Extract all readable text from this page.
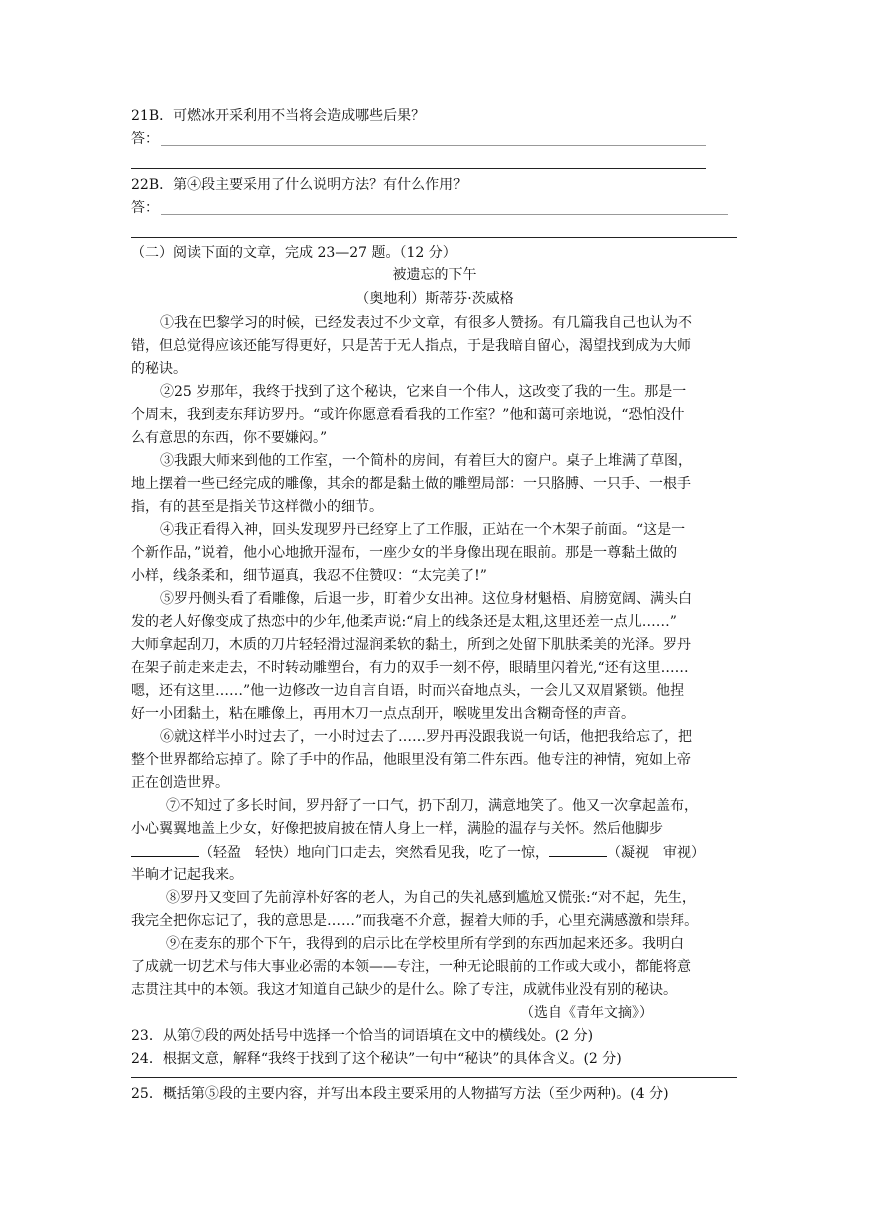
21B．可燃冰开采利用不当将会造成哪些后果？
答：
22B．第④段主要采用了什么说明方法？有什么作用？
答：
（二）阅读下面的文章，完成 23—27 题。（12 分）
被遗忘的下午
（奥地利）斯蒂芬·茨威格
①我在巴黎学习的时候，已经发表过不少文章，有很多人赞扬。有几篇我自己也认为不
错，但总觉得应该还能写得更好，只是苦于无人指点，于是我暗自留心，渴望找到成为大师
的秘诀。
②25 岁那年，我终于找到了这个秘诀，它来自一个伟人，这改变了我的一生。那是一
个周末，我到麦东拜访罗丹。“或许你愿意看看我的工作室？”他和蔼可亲地说，“恐怕没什
么有意思的东西，你不要嫌闷。”
③我跟大师来到他的工作室，一个简朴的房间，有着巨大的窗户。桌子上堆满了草图，
地上摆着一些已经完成的雕像，其余的都是黏土做的雕塑局部：一只胳膊、一只手、一根手
指，有的甚至是指关节这样微小的细节。
④我正看得入神，回头发现罗丹已经穿上了工作服，正站在一个木架子前面。“这是一
个新作品，”说着，他小心地掀开湿布，一座少女的半身像出现在眼前。那是一尊黏土做的
小样，线条柔和，细节逼真，我忍不住赞叹：“太完美了!”
⑤罗丹侧头看了看雕像，后退一步，盯着少女出神。这位身材魁梧、肩膀宽阔、满头白
发的老人好像变成了热恋中的少年,他柔声说:“肩上的线条还是太粗,这里还差一点儿……”
大师拿起刮刀，木质的刀片轻轻滑过湿润柔软的黏土，所到之处留下肌肤柔美的光泽。罗丹
在架子前走来走去，不时转动雕塑台，有力的双手一刻不停，眼睛里闪着光,“还有这里……
嗯，还有这里……”他一边修改一边自言自语，时而兴奋地点头，一会儿又双眉紧锁。他捏
好一小团黏土，粘在雕像上，再用木刀一点点刮开，喉咙里发出含糊奇怪的声音。
⑥就这样半小时过去了，一小时过去了……罗丹再没跟我说一句话，他把我给忘了，把
整个世界都给忘掉了。除了手中的作品，他眼里没有第二件东西。他专注的神情，宛如上帝
正在创造世界。
⑦不知过了多长时间，罗丹舒了一口气，扔下刮刀，满意地笑了。他又一次拿起盖布，
小心翼翼地盖上少女，好像把披肩披在情人身上一样，满脸的温存与关怀。然后他脚步
（轻盈　轻快）地向门口走去，突然看见我，吃了一惊，	（凝视　审视）
半晌才记起我来。
⑧罗丹又变回了先前淳朴好客的老人，为自己的失礼感到尴尬又慌张:“对不起，先生，
我完全把你忘记了，我的意思是……”而我毫不介意，握着大师的手，心里充满感激和崇拜。
⑨在麦东的那个下午，我得到的启示比在学校里所有学到的东西加起来还多。我明白
了成就一切艺术与伟大事业必需的本领——专注，一种无论眼前的工作或大或小，都能将意
志贯注其中的本领。我这才知道自己缺少的是什么。除了专注，成就伟业没有别的秘诀。
（选自《青年文摘》）
23．从第⑦段的两处括号中选择一个恰当的词语填在文中的横线处。(2 分)
24．根据文意，解释“我终于找到了这个秘诀”一句中“秘诀”的具体含义。(2 分)
25．概括第⑤段的主要内容，并写出本段主要采用的人物描写方法（至少两种)。(4 分)
